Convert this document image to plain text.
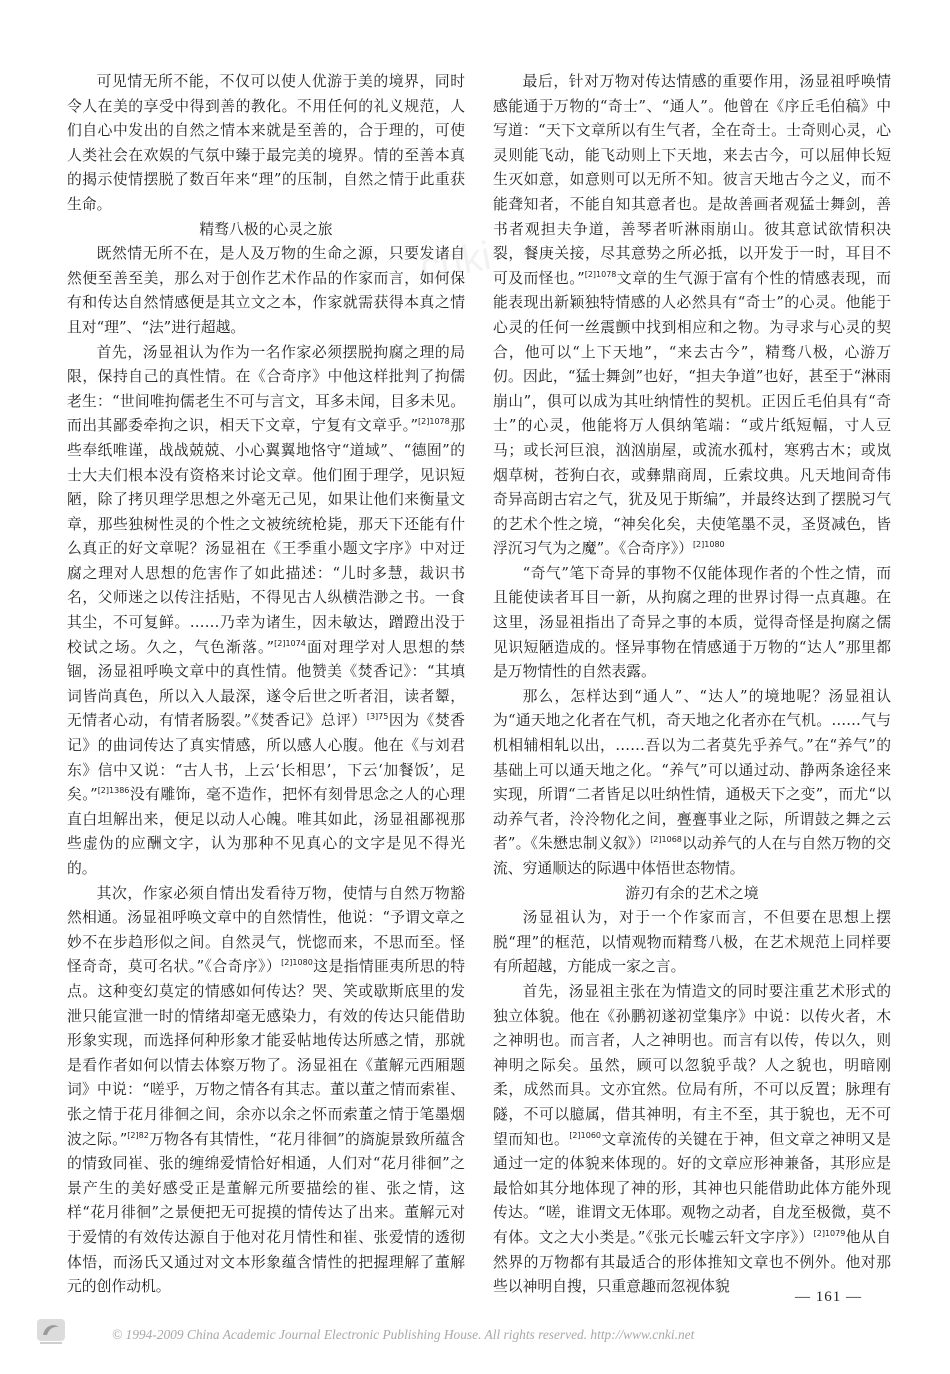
cnki

可见情无所不能，不仅可以使人优游于美的境界，同时令人在美的享受中得到善的教化。不用任何的礼义规范，人们自心中发出的自然之情本来就是至善的，合于理的，可使人类社会在欢娱的气氛中臻于最完美的境界。情的至善本真的揭示使情摆脱了数百年来“理”的压制，自然之情于此重获生命。

精骛八极的心灵之旅

既然情无所不在，是人及万物的生命之源，只要发诸自然便至善至美，那么对于创作艺术作品的作家而言，如何保有和传达自然情感便是其立文之本，作家就需获得本真之情且对“理”、“法”进行超越。

首先，汤显祖认为作为一名作家必须摆脱拘腐之理的局限，保持自己的真性情。在《合奇序》中他这样批判了拘儒老生：“世间唯拘儒老生不可与言文，耳多未闻，目多未见。而出其鄙委牵拘之识，相天下文章，宁复有文章乎。”$^{[2]1078}$那些奉纸唯谨，战战兢兢、小心翼翼地恪守“道域”、“德囿”的士大夫们根本没有资格来讨论文章。他们囿于理学，见识短陋，除了拷贝理学思想之外毫无己见，如果让他们来衡量文章，那些独树性灵的个性之文被统统枪毙，那天下还能有什么真正的好文章呢？汤显祖在《王季重小题文字序》中对迂腐之理对人思想的危害作了如此描述：“儿时多慧，裁识书名，父师迷之以传注括贴，不得见古人纵横浩渺之书。一食其尘，不可复鲜。……乃幸为诸生，因未敏达，蹭蹬出没于校试之场。久之，气色渐落。”$^{[2]1074}$面对理学对人思想的禁锢，汤显祖呼唤文章中的真性情。他赞美《焚香记》：“其填词皆尚真色，所以入人最深，遂令后世之听者泪，读者颦，无情者心动，有情者肠裂。”《焚香记》总评）$^{[3]75}$因为《焚香记》的曲词传达了真实情感，所以感人心腹。他在《与刘君东》信中又说：“古人书，上云‘长相思’，下云‘加餐饭’，足矣。”$^{[2]1386}$没有雕饰，毫不造作，把怀有刻骨思念之人的心理直白坦解出来，便足以动人心魄。唯其如此，汤显祖鄙视那些虚伪的应酬文字，认为那种不见真心的文字是见不得光的。

其次，作家必须自情出发看待万物，使情与自然万物豁然相通。汤显祖呼唤文章中的自然情性，他说：“予谓文章之妙不在步趋形似之间。自然灵气，恍惚而来，不思而至。怪怪奇奇，莫可名状。”《合奇序》）$^{[2]1080}$这是指情匪夷所思的特点。这种变幻莫定的情感如何传达？哭、笑或歇斯底里的发泄只能宣泄一时的情绪却毫无感染力，有效的传达只能借助形象实现，而选择何种形象才能妥帖地传达所感之情，那就是看作者如何以情去体察万物了。汤显祖在《董解元西厢题词》中说：“嗟乎，万物之情各有其志。董以董之情而索崔、张之情于花月徘徊之间，余亦以余之怀而索董之情于笔墨烟波之际。”$^{[2]82}$万物各有其情性，“花月徘徊”的旖旎景致所蕴含的情致同崔、张的缠绵爱情恰好相通，人们对“花月徘徊”之景产生的美好感受正是董解元所要描绘的崔、张之情，这样“花月徘徊”之景便把无可捉摸的情传达了出来。董解元对于爱情的有效传达源自于他对花月情性和崔、张爱情的透彻体悟，而汤氏又通过对文本形象蕴含情性的把握理解了董解元的创作动机。

最后，针对万物对传达情感的重要作用，汤显祖呼唤情感能通于万物的“奇士”、“通人”。他曾在《序丘毛伯稿》中写道：“天下文章所以有生气者，全在奇士。士奇则心灵，心灵则能飞动，能飞动则上下天地，来去古今，可以屈伸长短生灭如意，如意则可以无所不知。彼言天地古今之义，而不能聋知者，不能自知其意者也。是故善画者观猛士舞剑，善书者观担夫争道，善琴者听淋雨崩山。彼其意试欲情积决裂，餐庚关接，尽其意势之所必抵，以开发于一时，耳目不可及而怪也。”$^{[2]1078}$文章的生气源于富有个性的情感表现，而能表现出新颖独特情感的人必然具有“奇士”的心灵。他能于心灵的任何一丝震颤中找到相应和之物。为寻求与心灵的契合，他可以“上下天地”，“来去古今”，精骛八极，心游万仞。因此，“猛士舞剑”也好，“担夫争道”也好，甚至于“淋雨崩山”，俱可以成为其吐纳情性的契机。正因丘毛伯具有“奇士”的心灵，他能将万人俱纳笔端：“或片纸短幅，寸人豆马；或长河巨浪，汹汹崩屋，或流水孤村，寒鸦古木；或岚烟草树，苍狗白衣，或彝鼎商周，丘索坟典。凡天地间奇伟奇异高朗古宕之气，犹及见于斯编”，并最终达到了摆脱习气的艺术个性之境，“神矣化矣，夫使笔墨不灵，圣贤减色，皆浮沉习气为之魔”。《合奇序》）$^{[2]1080}$

“奇气”笔下奇异的事物不仅能体现作者的个性之情，而且能使读者耳目一新，从拘腐之理的世界讨得一点真趣。在这里，汤显祖指出了奇异之事的本质，觉得奇怪是拘腐之儒见识短陋造成的。怪异事物在情感通于万物的“达人”那里都是万物情性的自然表露。

那么，怎样达到“通人”、“达人”的境地呢？汤显祖认为“通天地之化者在气机，奇天地之化者亦在气机。……气与机相辅相轧以出，……吾以为二者莫先乎养气。”在“养气”的基础上可以通天地之化。“养气”可以通过动、静两条途径来实现，所谓“二者皆足以吐纳性情，通极天下之变”，而尤“以动养气者，泠泠物化之间，亹亹事业之际，所谓鼓之舞之云者”。《朱懋忠制义叙》）$^{[2]1068}$以动养气的人在与自然万物的交流、穷通顺达的际遇中体悟世态物情。

游刃有余的艺术之境

汤显祖认为，对于一个作家而言，不但要在思想上摆脱“理”的框范，以情观物而精骛八极，在艺术规范上同样要有所超越，方能成一家之言。

首先，汤显祖主张在为情造文的同时要注重艺术形式的独立体貌。他在《孙鹏初遂初堂集序》中说：以传火者，木之神明也。而言者，人之神明也。而言有以传，传以久，则神明之际矣。虽然，顾可以忽貌乎哉？人之貌也，明暗刚柔，成然而具。文亦宜然。位局有所，不可以反置；脉理有隧，不可以臆属，借其神明，有主不至，其于貌也，无不可望而知也。$^{[2]1060}$文章流传的关键在于神，但文章之神明又是通过一定的体貌来体现的。好的文章应形神兼备，其形应是最恰如其分地体现了神的形，其神也只能借助此体方能外现传达。“嗟，谁谓文无体耶。观物之动者，自龙至极微，莫不有体。文之大小类是。”《张元长嘘云轩文字序》）$^{[2]1079}$他从自然界的万物都有其最适合的形体推知文章也不例外。他对那些以神明自搜，只重意趣而忽视体貌

— 161 —
© 1994-2009 China Academic Journal Electronic Publishing House. All rights reserved. http://www.cnki.net
